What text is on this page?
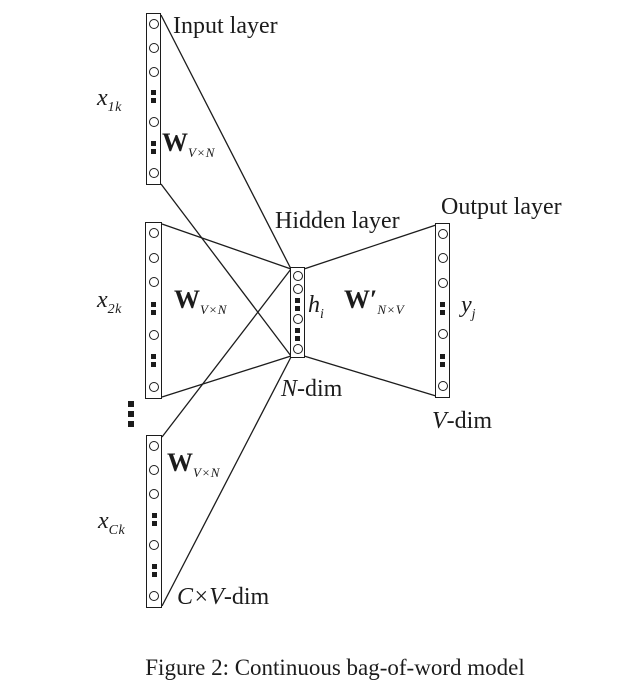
Input layer
Hidden layer
Output layer
$x_{1k}$
$x_{2k}$
$x_{Ck}$
$W_{V\times N}$
$W_{V\times N}$
$W_{V\times N}$
$W'_{N\times V}$
$h_i$	$y_j$
N-dim
V-dim
C×V-dim
Figure 2: Continuous bag-of-word model
